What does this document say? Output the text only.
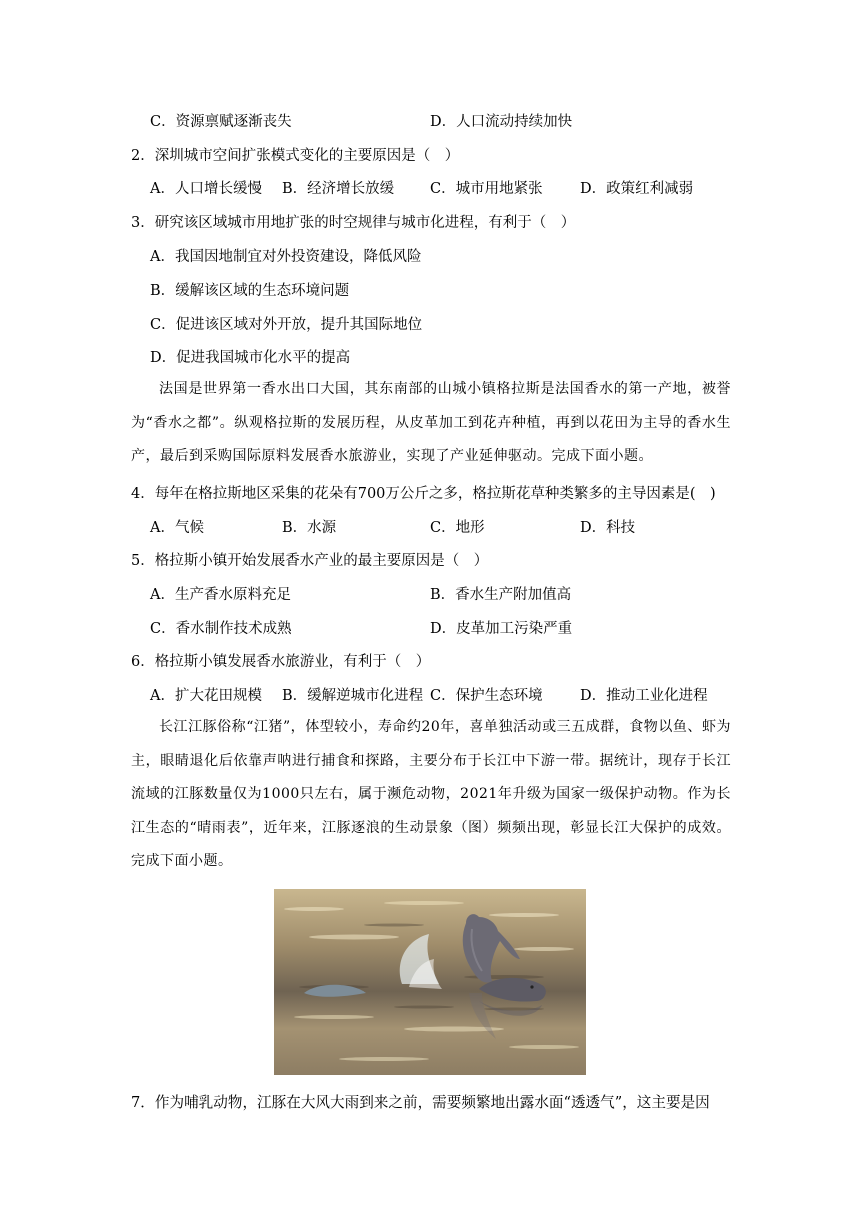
C．资源禀赋逐渐丧失	D．人口流动持续加快
2．深圳城市空间扩张模式变化的主要原因是（　）
A．人口增长缓慢 B．经济增长放缓 C．城市用地紧张	D．政策红利减弱
3．研究该区域城市用地扩张的时空规律与城市化进程，有利于（　）
A．我国因地制宜对外投资建设，降低风险
B．缓解该区域的生态环境问题
C．促进该区域对外开放，提升其国际地位
D．促进我国城市化水平的提高
法国是世界第一香水出口大国，其东南部的山城小镇格拉斯是法国香水的第一产地，被誉为“香水之都”。纵观格拉斯的发展历程，从皮革加工到花卉种植，再到以花田为主导的香水生产，最后到采购国际原料发展香水旅游业，实现了产业延伸驱动。完成下面小题。
4．每年在格拉斯地区采集的花朵有700万公斤之多，格拉斯花草种类繁多的主导因素是(　)
A．气候	B．水源	C．地形	D．科技
5．格拉斯小镇开始发展香水产业的最主要原因是（　）
A．生产香水原料充足	B．香水生产附加值高
C．香水制作技术成熟	D．皮革加工污染严重
6．格拉斯小镇发展香水旅游业，有利于（　）
A．扩大花田规模 B．缓解逆城市化进程 C．保护生态环境	D．推动工业化进程
长江江豚俗称“江猪”，体型较小，寿命约20年，喜单独活动或三五成群，食物以鱼、虾为主，眼睛退化后依靠声呐进行捕食和探路，主要分布于长江中下游一带。据统计，现存于长江流域的江豚数量仅为1000只左右，属于濒危动物，2021年升级为国家一级保护动物。作为长江生态的“晴雨表”，近年来，江豚逐浪的生动景象（图）频频出现，彰显长江大保护的成效。完成下面小题。
7．作为哺乳动物，江豚在大风大雨到来之前，需要频繁地出露水面“透透气”，这主要是因
